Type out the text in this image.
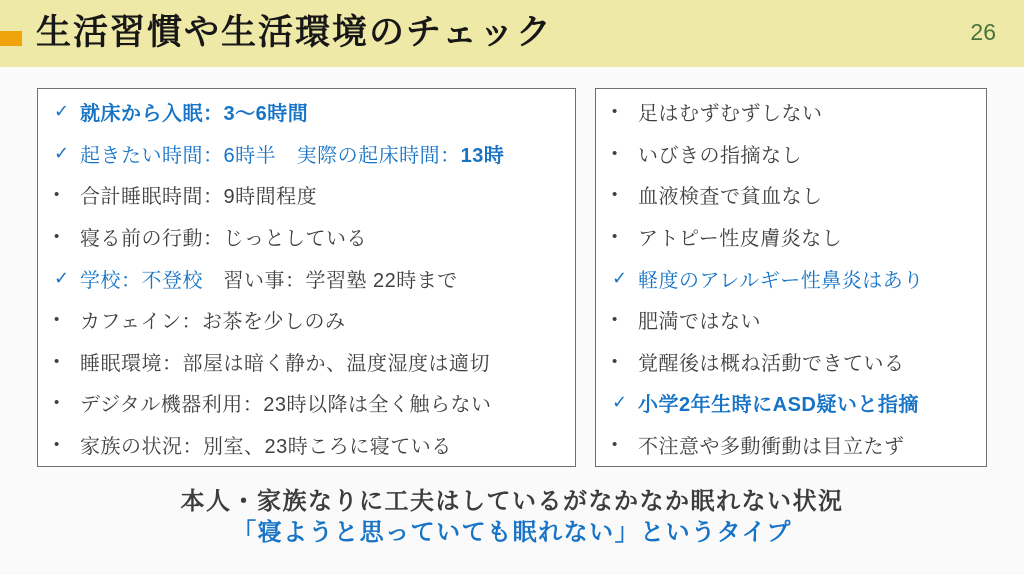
生活習慣や生活環境のチェック	26
✓ 就床から入眠：3～6時間
✓ 起きたい時間：6時半　実際の起床時間：13時
•	合計睡眠時間：9時間程度
•	寝る前の行動：じっとしている
✓ 学校：不登校　習い事：学習塾 22時まで
•	カフェイン：お茶を少しのみ
•	睡眠環境：部屋は暗く静か、温度湿度は適切
•	デジタル機器利用：23時以降は全く触らない
•	家族の状況：別室、23時ころに寝ている
•	足はむずむずしない
•	いびきの指摘なし
•	血液検査で貧血なし
•	アトピー性皮膚炎なし
✓ 軽度のアレルギー性鼻炎はあり
•	肥満ではない
•	覚醒後は概ね活動できている
✓ 小学2年生時にASD疑いと指摘
•	不注意や多動衝動は目立たず

本人・家族なりに工夫はしているがなかなか眠れない状況

「寝ようと思っていても眠れない」というタイプ
